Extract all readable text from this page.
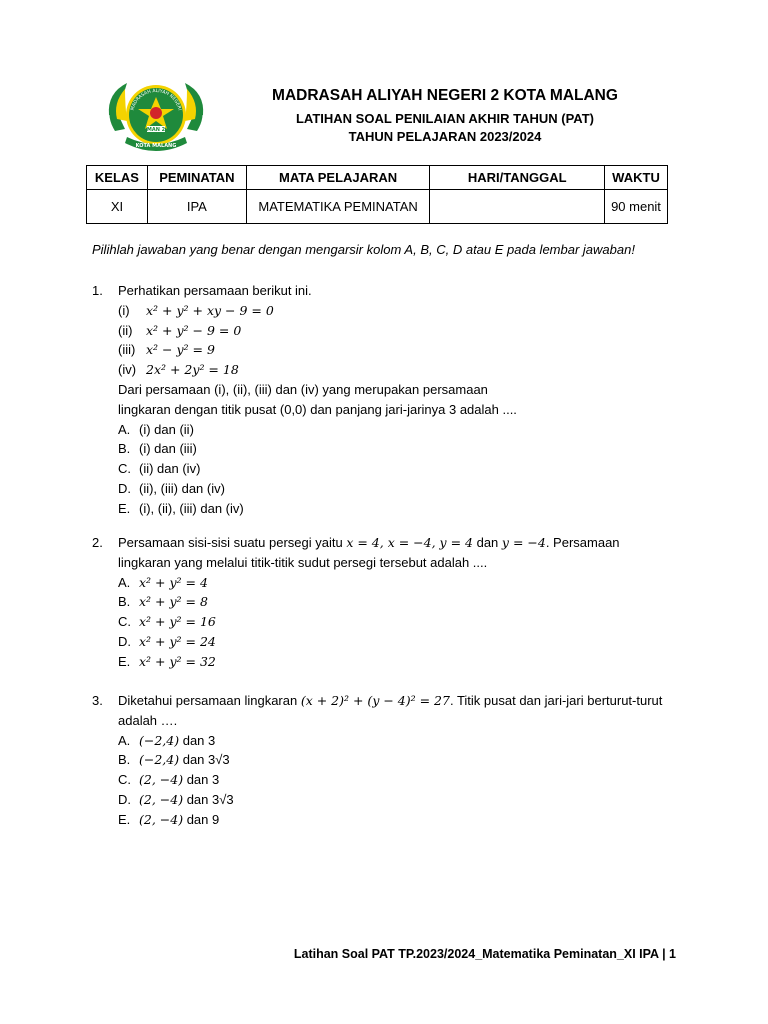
MADRASAH ALIYAH NEGERI
MAN 2
KOTA MALANG
MADRASAH ALIYAH NEGERI 2 KOTA MALANG
LATIHAN SOAL PENILAIAN AKHIR TAHUN (PAT)
TAHUN PELAJARAN 2023/2024
KELAS	PEMINATAN	MATA PELAJARAN	HARI/TANGGAL	WAKTU
XI	IPA	MATEMATIKA PEMINATAN		90 menit
Pilihlah jawaban yang benar dengan mengarsir kolom A, B, C, D atau E pada lembar jawaban!
1. Perhatikan persamaan berikut ini.
(i) x² + y² + xy − 9 = 0
(ii) x² + y² − 9 = 0
(iii) x² − y² = 9
(iv) 2x² + 2y² = 18
Dari persamaan (i), (ii), (iii) dan (iv) yang merupakan persamaan
lingkaran dengan titik pusat (0,0) dan panjang jari-jarinya 3 adalah ....
A. (i) dan (ii)
B. (i) dan (iii)
C. (ii) dan (iv)
D. (ii), (iii) dan (iv)
E. (i), (ii), (iii) dan (iv)
2. Persamaan sisi-sisi suatu persegi yaitu x = 4, x = −4, y = 4 dan y = −4. Persamaan
lingkaran yang melalui titik-titik sudut persegi tersebut adalah ....
A. x² + y² = 4
B. x² + y² = 8
C. x² + y² = 16
D. x² + y² = 24
E. x² + y² = 32
3. Diketahui persamaan lingkaran (x + 2)² + (y − 4)² = 27. Titik pusat dan jari-jari berturut-turut
adalah ….
A. (−2,4) dan 3
B. (−2,4) dan 3√3
C. (2, −4) dan 3
D. (2, −4) dan 3√3
E. (2, −4) dan 9
Latihan Soal PAT TP.2023/2024_Matematika Peminatan_XI IPA | 1
